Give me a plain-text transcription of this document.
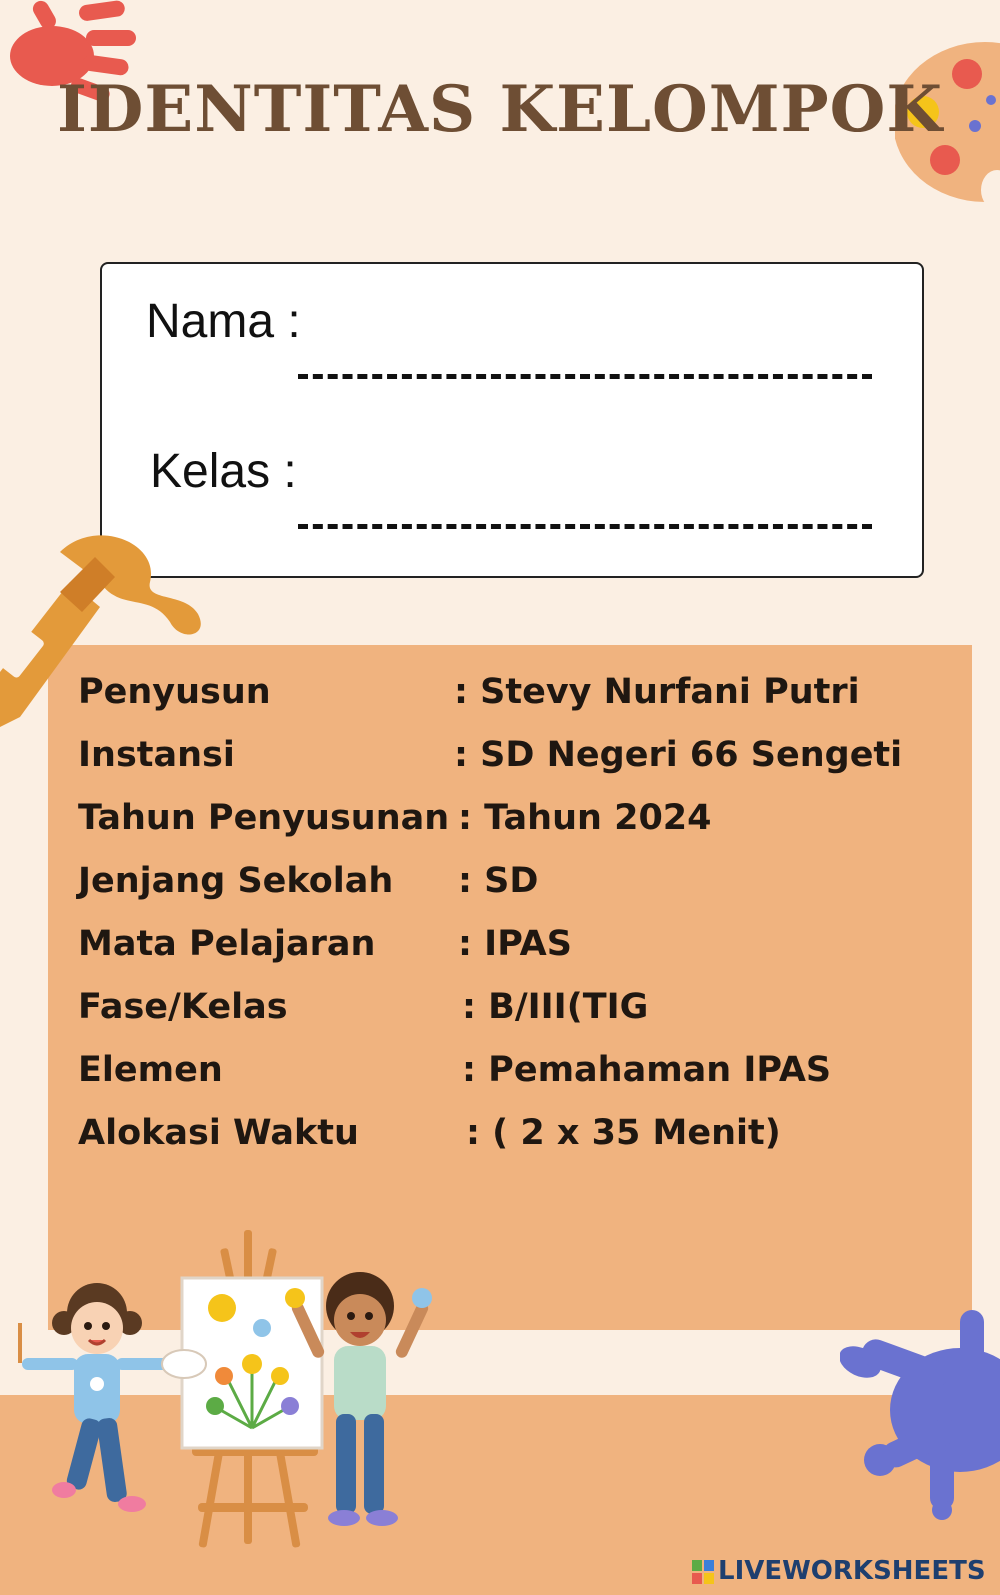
IDENTITAS KELOMPOK
Nama :
Kelas :
Penyusun	: Stevy Nurfani Putri
Instansi	: SD Negeri 66 Sengeti
Tahun Penyusunan : Tahun 2024
Jenjang Sekolah : SD
Mata Pelajaran : IPAS
Fase/Kelas	: B/III(TIG
Elemen	: Pemahaman IPAS
Alokasi Waktu	: ( 2 x 35 Menit)
LIVEWORKSHEETS
